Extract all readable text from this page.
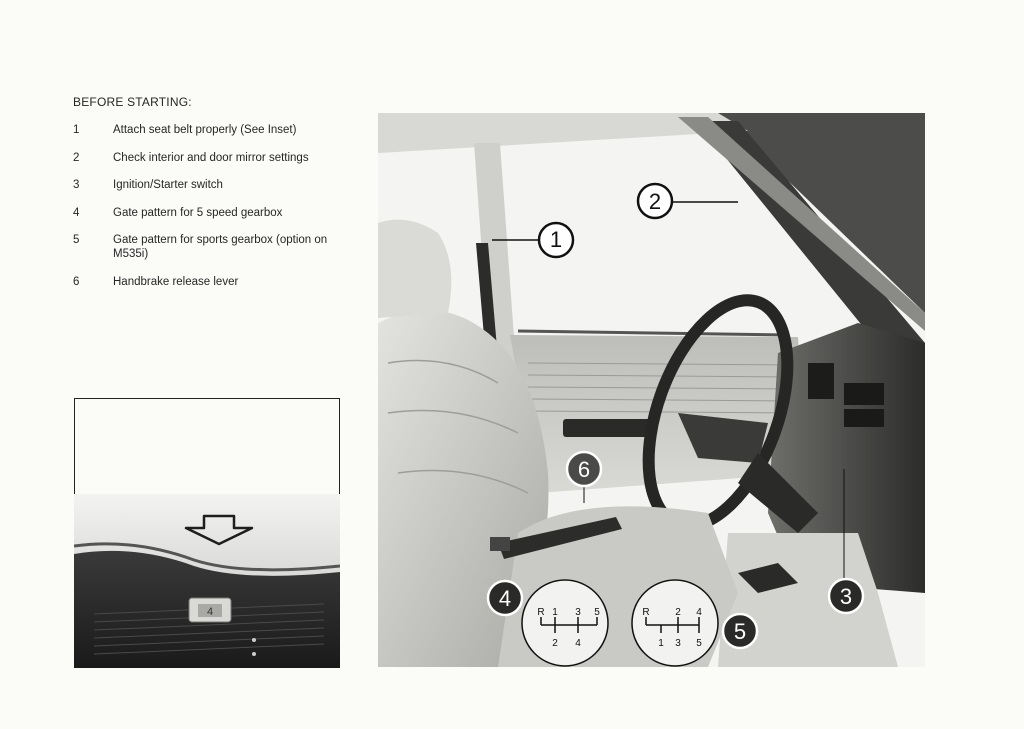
BEFORE STARTING:
1	Attach seat belt properly (See Inset)
2	Check interior and door mirror settings
3	Ignition/Starter switch
4	Gate pattern for 5 speed gearbox
5	Gate pattern for sports gearbox (option on M535i)
6	Handbrake release lever
4
1
2
3
6
R 1 3 5
2 4
4
R	2 4
1 3 5 5
